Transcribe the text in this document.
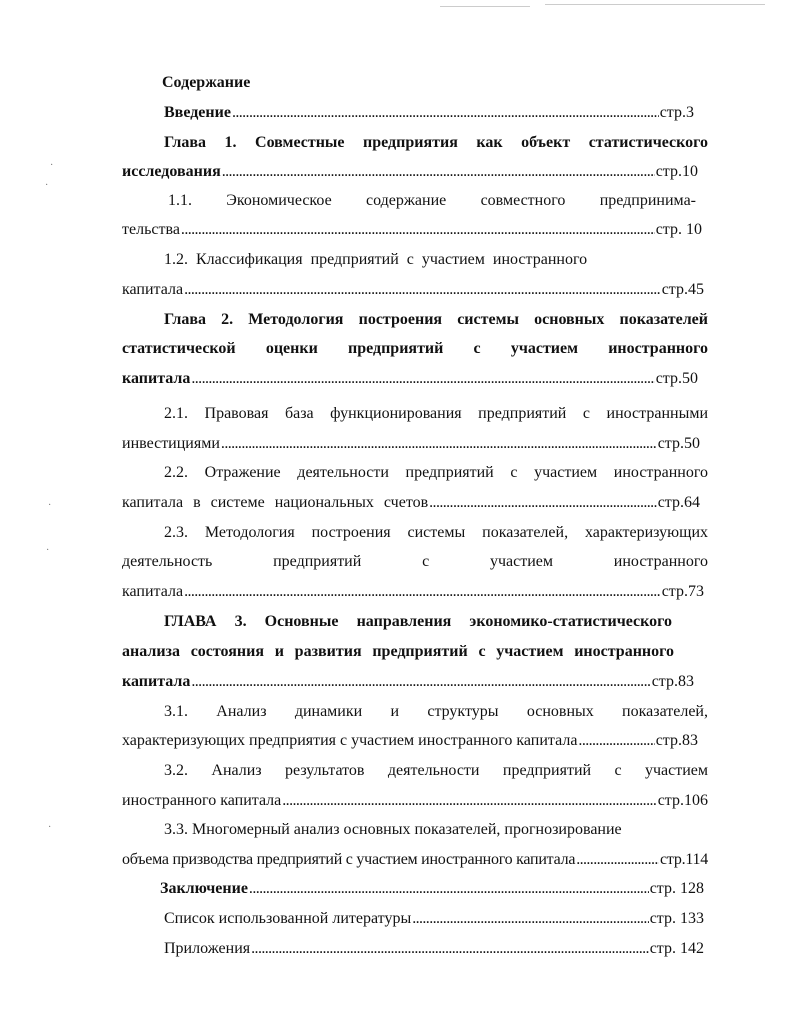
·
·
·
·
·
Содержание
Введение .....	стр.3
Глава 1. Совместные предприятия как объект статистического
исследования .....	стр.10
1.1. Экономическое содержание совместного предпринима-
тельства .....	стр. 10
1.2. Классификация предприятий с участием иностранного
капитала .....	стр.45
Глава 2. Методология построения системы основных показателей
статистической оценки предприятий с участием иностранного
капитала .....	стр.50
2.1. Правовая база функционирования предприятий с иностранными
инвестициями .....	стр.50
2.2. Отражение деятельности предприятий с участием иностранного
капитала в системе национальных счетов .....	стр.64
2.3. Методология построения системы показателей, характеризующих
деятельность предприятий с участием иностранного
капитала .....	стр.73
ГЛАВА 3. Основные направления экономико-статистического
анализа состояния и развития предприятий с участием иностранного
капитала .....	стр.83
3.1. Анализ динамики и структуры основных показателей,
характеризующих предприятия с участием иностранного капитала .....	стр.83
3.2. Анализ результатов деятельности предприятий с участием
иностранного капитала .....	стр.106
3.3. Многомерный анализ основных показателей, прогнозирование
объема призводства предприятий с участием иностранного капитала .....	стр.114
Заключение .....	стр. 128
Список использованной литературы .....	стр. 133
Приложения .....	стр. 142
